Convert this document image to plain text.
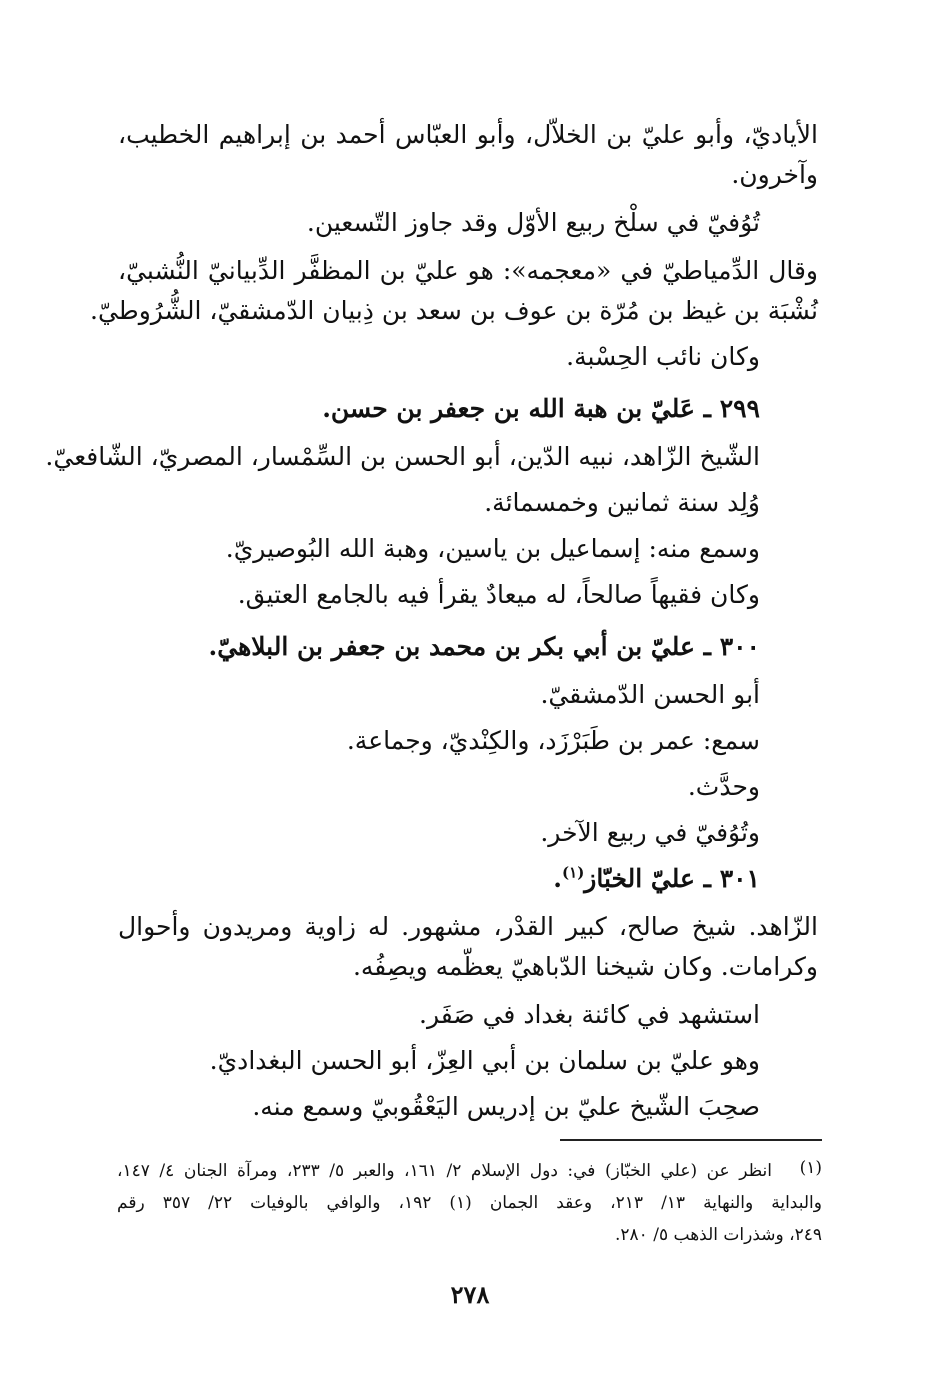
الأياديّ، وأبو عليّ بن الخلاّل، وأبو العبّاس أحمد بن إبراهيم الخطيب،
وآخرون.
تُوُفيّ في سلْخ ربيع الأوّل وقد جاوز التّسعين.
وقال الدِّمياطيّ في «معجمه»: هو عليّ بن المظفَّر الدِّبيانيّ النُّشبيّ،
نُشْبَة بن غيظ بن مُرّة بن عوف بن سعد بن ذِبيان الدّمشقيّ، الشُّرُوطيّ.
وكان نائب الحِسْبة.
٢٩٩ ـ عَليّ بن هبة الله بن جعفر بن حسن.
الشّيخ الزّاهد، نبيه الدّين، أبو الحسن بن السِّمْسار، المصريّ، الشّافعيّ.
وُلِد سنة ثمانين وخمسمائة.
وسمع منه: إسماعيل بن ياسين، وهبة الله البُوصيريّ.
وكان فقيهاً صالحاً، له ميعادٌ يقرأ فيه بالجامع العتيق.
٣٠٠ ـ عليّ بن أبي بكر بن محمد بن جعفر بن البلاهيّ.
أبو الحسن الدّمشقيّ.
سمع: عمر بن طَبَرْزَد، والكِنْديّ، وجماعة.
وحدَّث.
وتُوُفيّ في ربيع الآخر.
٣٠١ ـ عليّ الخبّاز$^{(١)}$.
الزّاهد. شيخ صالح، كبير القدْر، مشهور. له زاوية ومريدون وأحوال
وكرامات. وكان شيخنا الدّباهيّ يعظّمه ويصِفُه.
استشهد في كائنة بغداد في صَفَر.
وهو عليّ بن سلمان بن أبي العِزّ، أبو الحسن البغداديّ.
صحِبَ الشّيخ عليّ بن إدريس اليَعْقُوبيّ وسمع منه.
(١)
انظر عن (علي الخبّاز) في: دول الإسلام ٢/ ١٦١، والعبر ٥/ ٢٣٣، ومرآة الجنان ٤/ ١٤٧،
والبداية والنهاية ١٣/ ٢١٣، وعقد الجمان (١) ١٩٢، والوافي بالوفيات ٢٢/ ٣٥٧ رقم
٢٤٩، وشذرات الذهب ٥/ ٢٨٠.
٢٧٨
